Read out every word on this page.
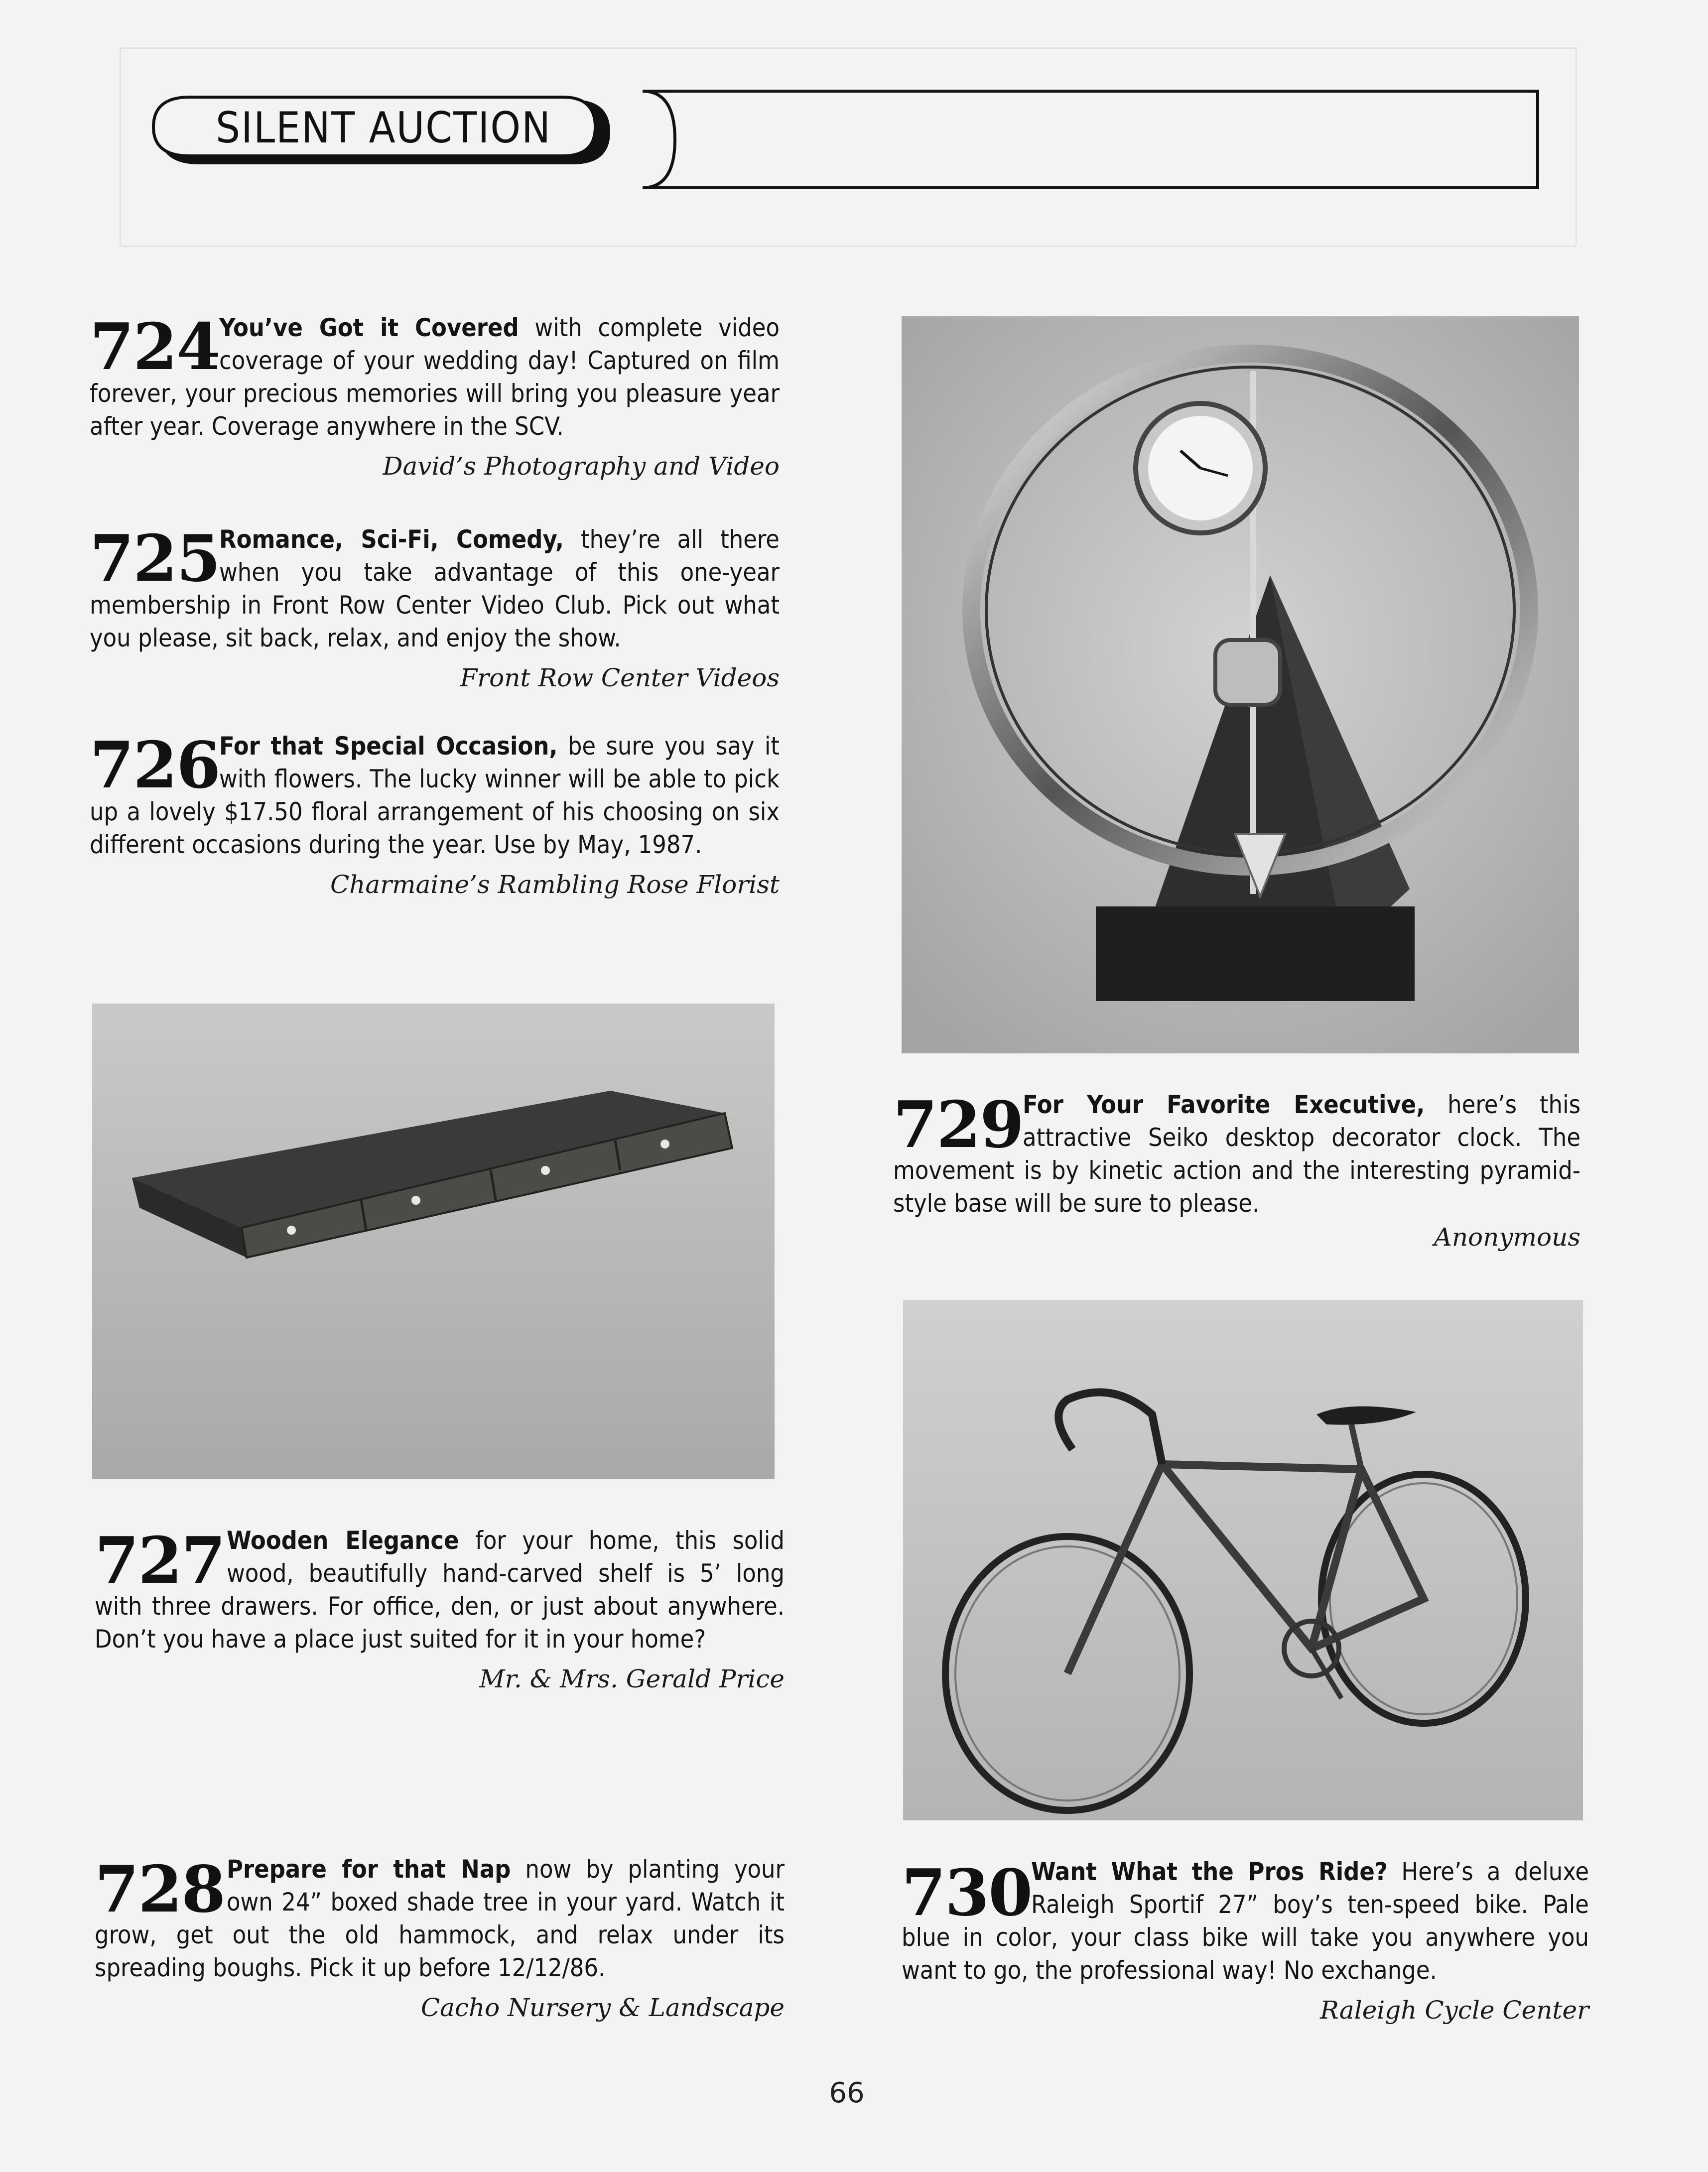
SILENT AUCTION
724

You’ve Got it Covered with complete video coverage of your wedding day! Captured on film forever, your precious memories will bring you pleasure year after year. Coverage anywhere in the SCV.

David’s Photography and Video
725

Romance, Sci-Fi, Comedy, they’re all there when you take advantage of this one-year membership in Front Row Center Video Club. Pick out what you please, sit back, relax, and enjoy the show.

Front Row Center Videos
726

For that Special Occasion, be sure you say it with flowers. The lucky winner will be able to pick up a lovely $17.50 floral arrangement of his choosing on six different occasions during the year. Use by May, 1987.

Charmaine’s Rambling Rose Florist
727 Wooden Elegance for your home, this solid wood, beautifully hand-carved shelf is 5’ long with three drawers. For office, den, or just about anywhere. Don’t you have a place just suited for it in your home?

Mr. & Mrs. Gerald Price
728 Prepare for that Nap now by planting your own 24” boxed shade tree in your yard. Watch it grow, get out the old hammock, and relax under its spreading boughs. Pick it up before 12/12/86.

Cacho Nursery & Landscape
729

For Your Favorite Executive, here’s this attractive Seiko desktop decorator clock. The movement is by kinetic action and the interesting pyramid-style base will be sure to please.

Anonymous
730

Want What the Pros Ride? Here’s a deluxe Raleigh Sportif 27” boy’s ten-speed bike. Pale blue in color, your class bike will take you anywhere you want to go, the professional way! No exchange.

Raleigh Cycle Center
66
